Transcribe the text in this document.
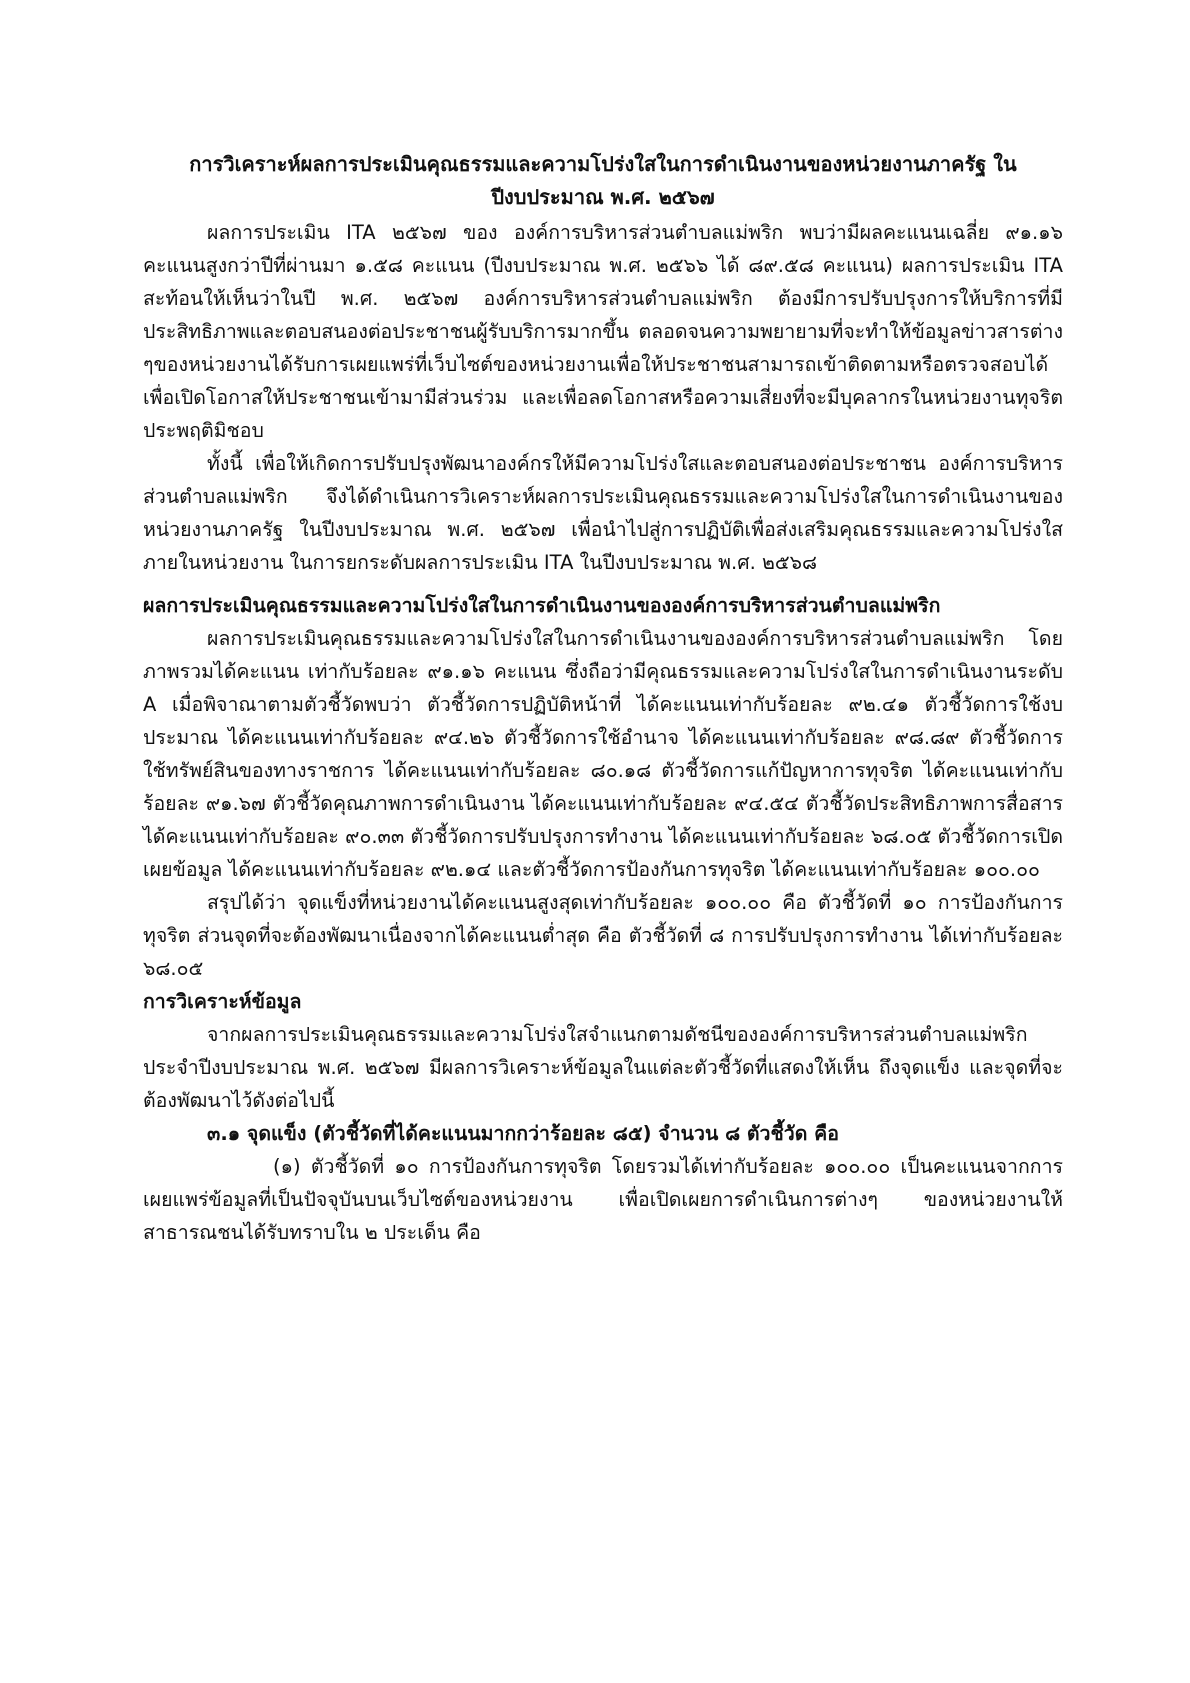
การวิเคราะห์ผลการประเมินคุณธรรมและความโปร่งใสในการดำเนินงานของหน่วยงานภาครัฐ ใน
ปีงบประมาณ พ.ศ. ๒๕๖๗

ผลการประเมิน ITA ๒๕๖๗ ของ องค์การบริหารส่วนตำบลแม่พริก พบว่ามีผลคะแนนเฉลี่ย ๙๑.๑๖ คะแนนสูงกว่าปีที่ผ่านมา ๑.๕๘ คะแนน (ปีงบประมาณ พ.ศ. ๒๕๖๖ ได้ ๘๙.๕๘ คะแนน) ผลการประเมิน ITA สะท้อนให้เห็นว่าในปี พ.ศ. ๒๕๖๗ องค์การบริหารส่วนตำบลแม่พริก ต้องมีการปรับปรุงการให้บริการที่มีประสิทธิภาพและตอบสนองต่อประชาชนผู้รับบริการมากขึ้น ตลอดจนความพยายามที่จะทำให้ข้อมูลข่าวสารต่าง ๆของหน่วยงานได้รับการเผยแพร่ที่เว็บไซต์ของหน่วยงานเพื่อให้ประชาชนสามารถเข้าติดตามหรือตรวจสอบได้ เพื่อเปิดโอกาสให้ประชาชนเข้ามามีส่วนร่วม และเพื่อลดโอกาสหรือความเสี่ยงที่จะมีบุคลากรในหน่วยงานทุจริตประพฤติมิชอบ

ทั้งนี้ เพื่อให้เกิดการปรับปรุงพัฒนาองค์กรให้มีความโปร่งใสและตอบสนองต่อประชาชน องค์การบริหารส่วนตำบลแม่พริก จึงได้ดำเนินการวิเคราะห์ผลการประเมินคุณธรรมและความโปร่งใสในการดำเนินงานของหน่วยงานภาครัฐ ในปีงบประมาณ พ.ศ. ๒๕๖๗ เพื่อนำไปสู่การปฏิบัติเพื่อส่งเสริมคุณธรรมและความโปร่งใสภายในหน่วยงาน ในการยกระดับผลการประเมิน ITA ในปีงบประมาณ พ.ศ. ๒๕๖๘

ผลการประเมินคุณธรรมและความโปร่งใสในการดำเนินงานขององค์การบริหารส่วนตำบลแม่พริก

ผลการประเมินคุณธรรมและความโปร่งใสในการดำเนินงานขององค์การบริหารส่วนตำบลแม่พริก โดยภาพรวมได้คะแนน เท่ากับร้อยละ ๙๑.๑๖ คะแนน ซึ่งถือว่ามีคุณธรรมและความโปร่งใสในการดำเนินงานระดับ A เมื่อพิจาณาตามตัวชี้วัดพบว่า ตัวชี้วัดการปฏิบัติหน้าที่ ได้คะแนนเท่ากับร้อยละ ๙๒.๔๑ ตัวชี้วัดการใช้งบประมาณ ได้คะแนนเท่ากับร้อยละ ๙๔.๒๖ ตัวชี้วัดการใช้อำนาจ ได้คะแนนเท่ากับร้อยละ ๙๘.๘๙ ตัวชี้วัดการใช้ทรัพย์สินของทางราชการ ได้คะแนนเท่ากับร้อยละ ๘๐.๑๘ ตัวชี้วัดการแก้ปัญหาการทุจริต ได้คะแนนเท่ากับร้อยละ ๙๑.๖๗ ตัวชี้วัดคุณภาพการดำเนินงาน ได้คะแนนเท่ากับร้อยละ ๙๔.๕๔ ตัวชี้วัดประสิทธิภาพการสื่อสาร ได้คะแนนเท่ากับร้อยละ ๙๐.๓๓ ตัวชี้วัดการปรับปรุงการทำงาน ได้คะแนนเท่ากับร้อยละ ๖๘.๐๕ ตัวชี้วัดการเปิดเผยข้อมูล ได้คะแนนเท่ากับร้อยละ ๙๒.๑๔ และตัวชี้วัดการป้องกันการทุจริต ได้คะแนนเท่ากับร้อยละ ๑๐๐.๐๐

สรุปได้ว่า จุดแข็งที่หน่วยงานได้คะแนนสูงสุดเท่ากับร้อยละ ๑๐๐.๐๐ คือ ตัวชี้วัดที่ ๑๐ การป้องกันการทุจริต ส่วนจุดที่จะต้องพัฒนาเนื่องจากได้คะแนนต่ำสุด คือ ตัวชี้วัดที่ ๘ การปรับปรุงการทำงาน ได้เท่ากับร้อยละ ๖๘.๐๕

การวิเคราะห์ข้อมูล

จากผลการประเมินคุณธรรมและความโปร่งใสจำแนกตามดัชนีขององค์การบริหารส่วนตำบลแม่พริก ประจำปีงบประมาณ พ.ศ. ๒๕๖๗ มีผลการวิเคราะห์ข้อมูลในแต่ละตัวชี้วัดที่แสดงให้เห็น ถึงจุดแข็ง และจุดที่จะต้องพัฒนาไว้ดังต่อไปนี้

๓.๑ จุดแข็ง (ตัวชี้วัดที่ได้คะแนนมากกว่าร้อยละ ๘๕) จำนวน ๘ ตัวชี้วัด คือ

(๑) ตัวชี้วัดที่ ๑๐ การป้องกันการทุจริต โดยรวมได้เท่ากับร้อยละ ๑๐๐.๐๐ เป็นคะแนนจากการเผยแพร่ข้อมูลที่เป็นปัจจุบันบนเว็บไซต์ของหน่วยงาน เพื่อเปิดเผยการดำเนินการต่างๆ ของหน่วยงานให้สาธารณชนได้รับทราบใน ๒ ประเด็น คือ
